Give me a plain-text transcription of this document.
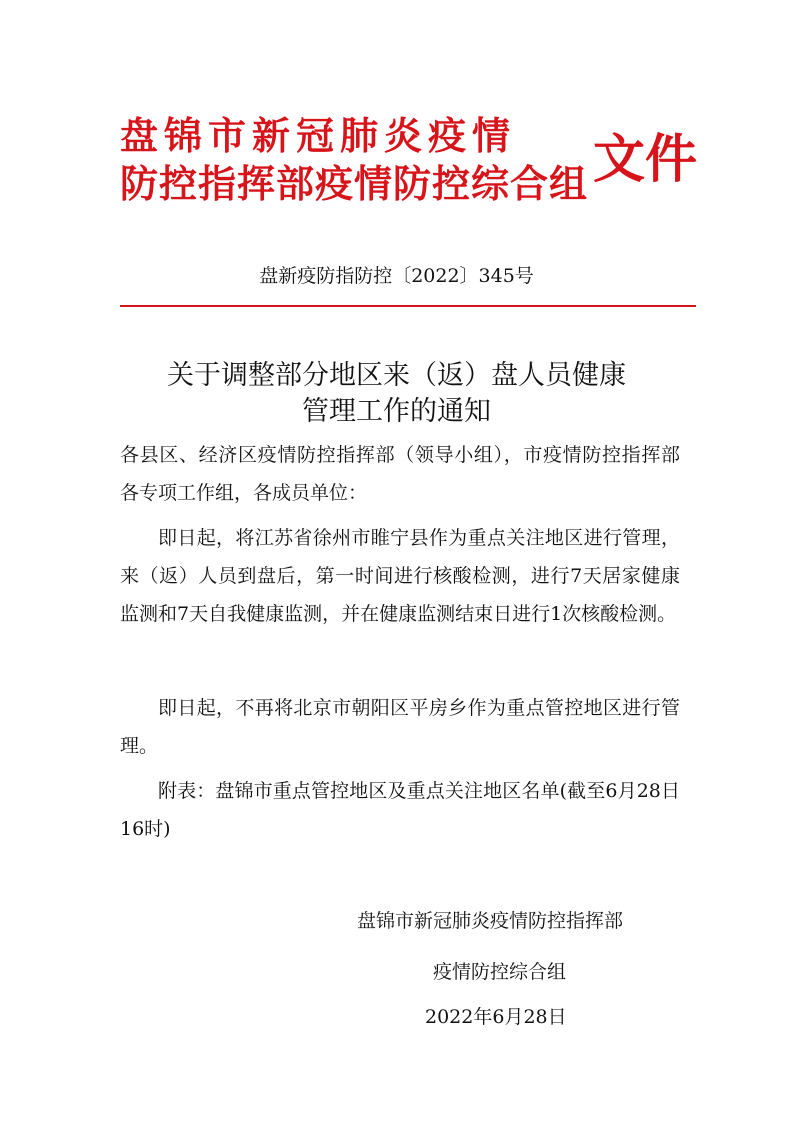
盘锦市新冠肺炎疫情
防控指挥部疫情防控综合组 文件
盘新疫防指防控〔2022〕345号
关于调整部分地区来（返）盘人员健康
管理工作的通知

各县区、经济区疫情防控指挥部（领导小组），市疫情防控指挥部各专项工作组，各成员单位：

即日起，将江苏省徐州市睢宁县作为重点关注地区进行管理，来（返）人员到盘后，第一时间进行核酸检测，进行7天居家健康监测和7天自我健康监测，并在健康监测结束日进行1次核酸检测。

即日起，不再将北京市朝阳区平房乡作为重点管控地区进行管理。

附表：盘锦市重点管控地区及重点关注地区名单(截至6月28日16时)

盘锦市新冠肺炎疫情防控指挥部
疫情防控综合组
2022年6月28日
